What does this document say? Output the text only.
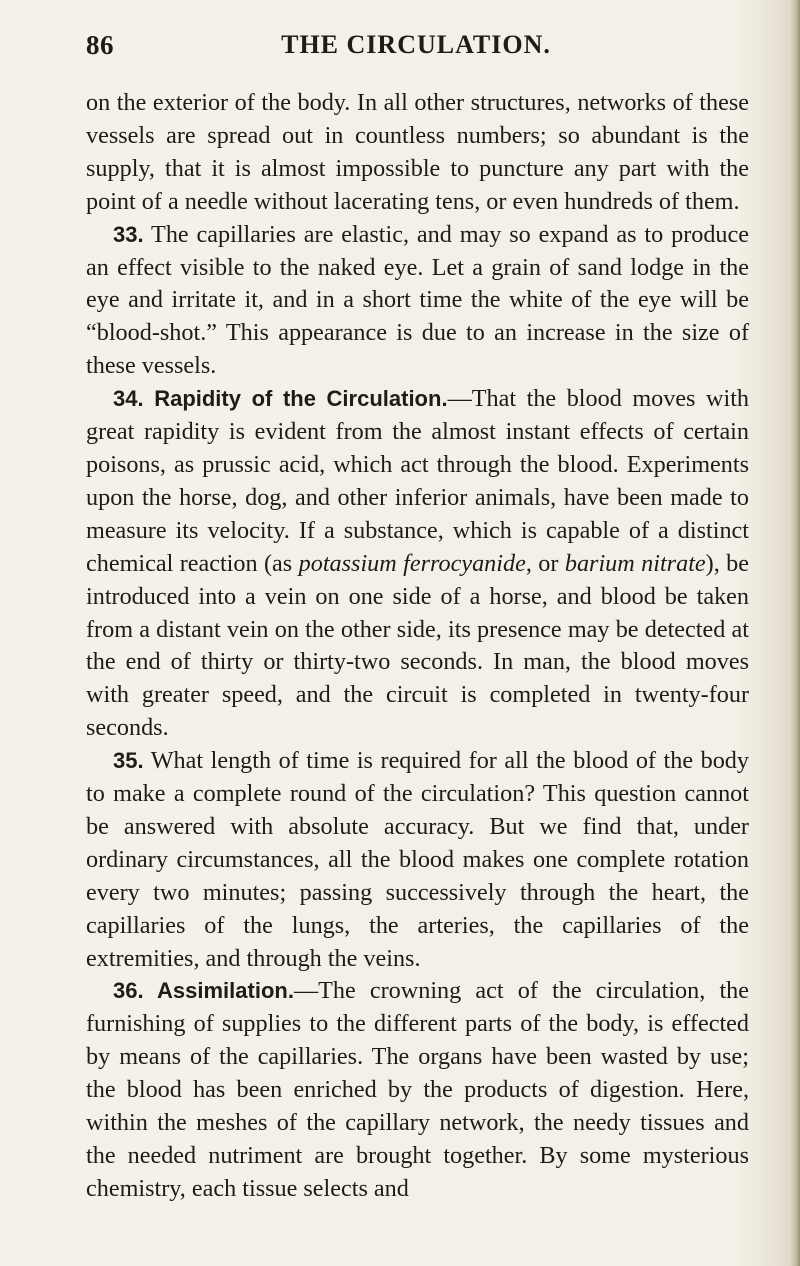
86	THE CIRCULATION.

on the exterior of the body. In all other structures, networks of these vessels are spread out in countless numbers; so abundant is the supply, that it is almost impossible to puncture any part with the point of a needle without lacerating tens, or even hundreds of them.

33. The capillaries are elastic, and may so expand as to produce an effect visible to the naked eye. Let a grain of sand lodge in the eye and irritate it, and in a short time the white of the eye will be “blood-shot.” This appearance is due to an increase in the size of these vessels.

34. Rapidity of the Circulation.—That the blood moves with great rapidity is evident from the almost instant effects of certain poisons, as prussic acid, which act through the blood. Experiments upon the horse, dog, and other inferior animals, have been made to measure its velocity. If a substance, which is capable of a distinct chemical reaction (as potassium ferrocyanide, or barium nitrate), be introduced into a vein on one side of a horse, and blood be taken from a distant vein on the other side, its presence may be detected at the end of thirty or thirty-two seconds. In man, the blood moves with greater speed, and the circuit is completed in twenty-four seconds.

35. What length of time is required for all the blood of the body to make a complete round of the circulation? This question cannot be answered with absolute accuracy. But we find that, under ordinary circumstances, all the blood makes one complete rotation every two minutes; passing successively through the heart, the capillaries of the lungs, the arteries, the capillaries of the extremities, and through the veins.

36. Assimilation.—The crowning act of the circulation, the furnishing of supplies to the different parts of the body, is effected by means of the capillaries. The organs have been wasted by use; the blood has been enriched by the products of digestion. Here, within the meshes of the capillary network, the needy tissues and the needed nutriment are brought together. By some mysterious chemistry, each tissue selects and
